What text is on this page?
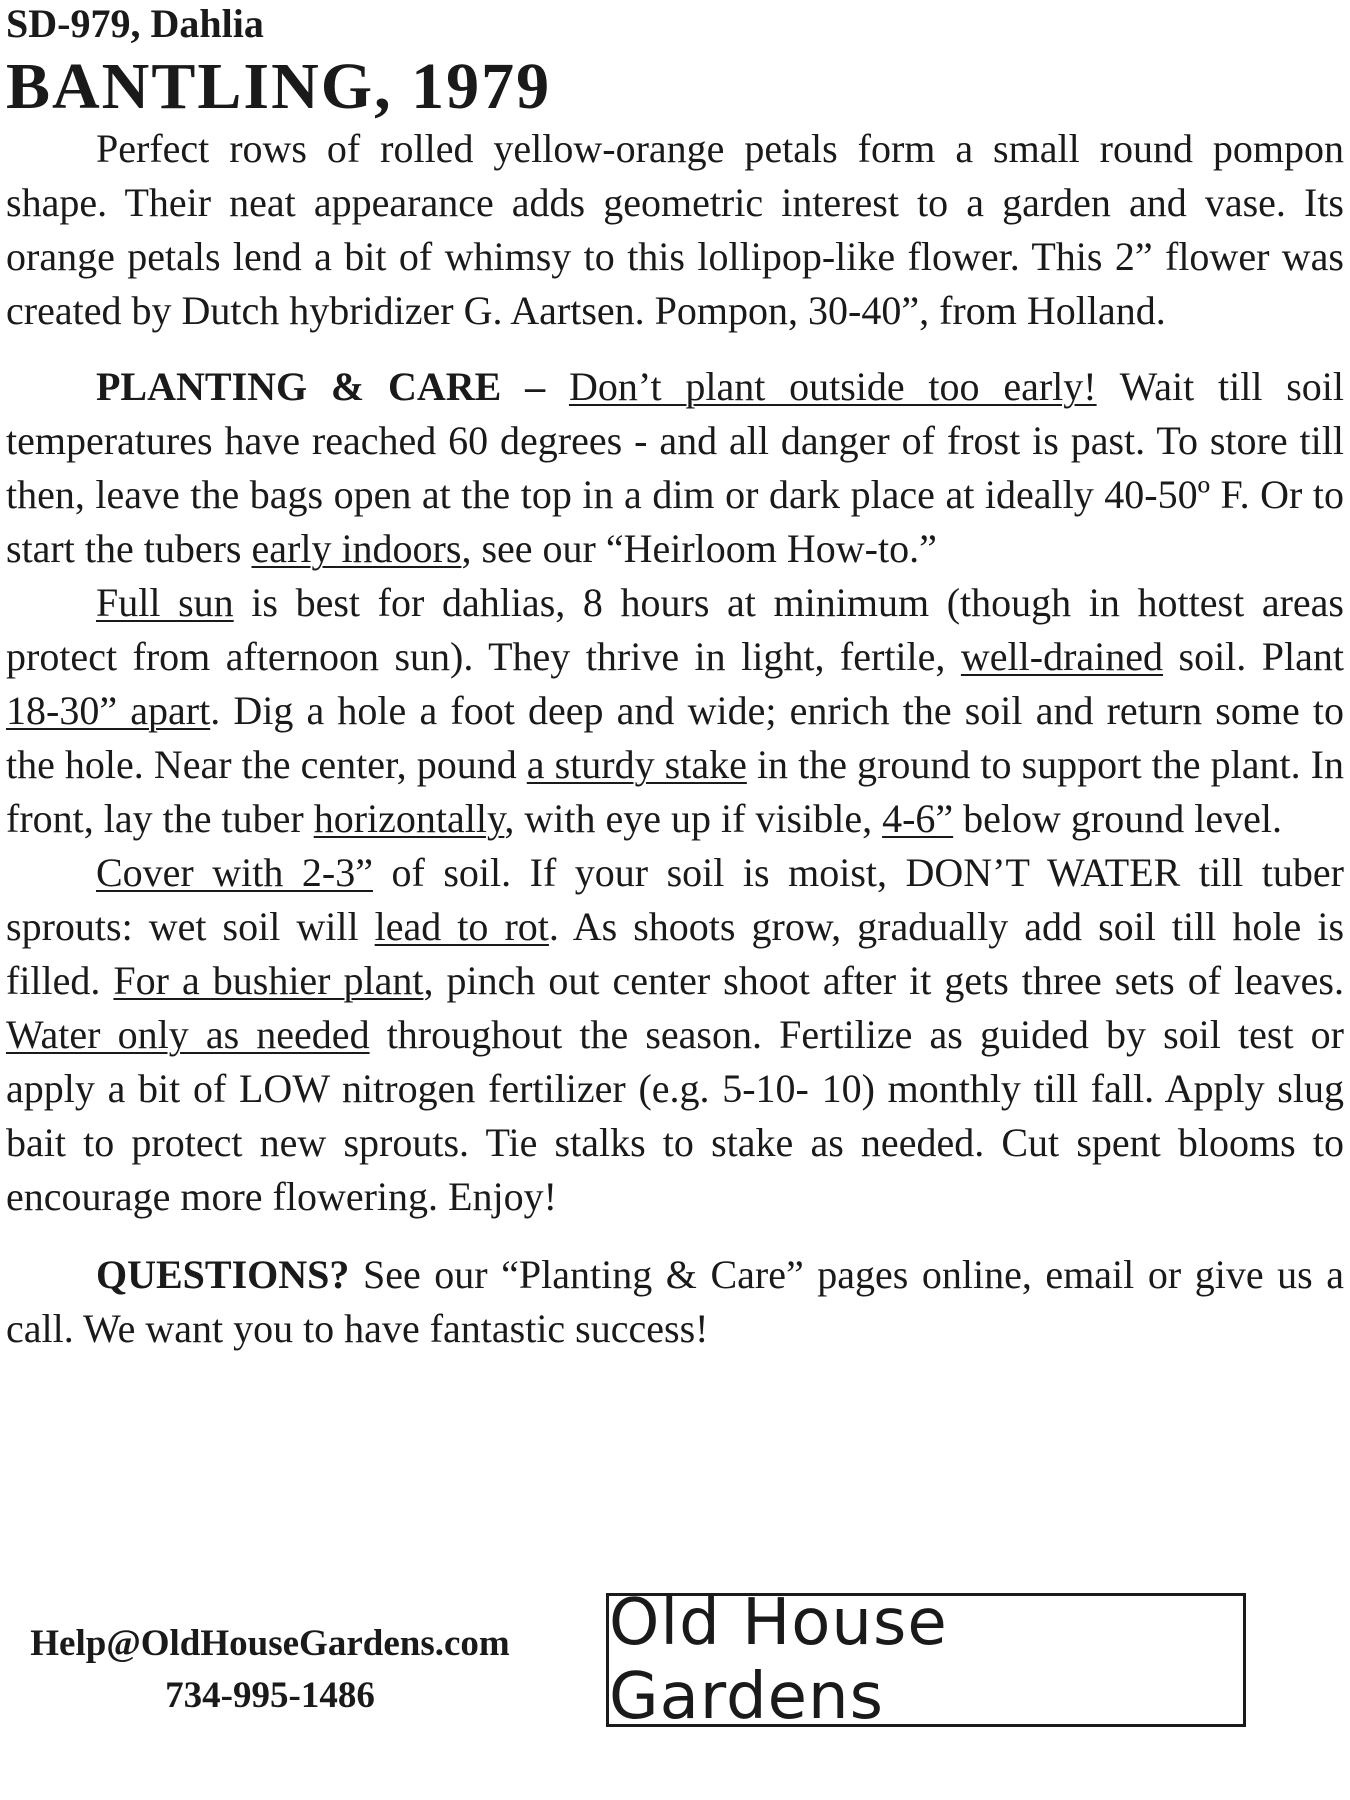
SD-979, Dahlia
BANTLING, 1979

Perfect rows of rolled yellow-orange petals form a small round pompon shape. Their neat appearance adds geometric interest to a garden and vase. Its orange petals lend a bit of whimsy to this lollipop-like flower. This 2” flower was created by Dutch hybridizer G. Aartsen. Pompon, 30-40”, from Holland.

PLANTING & CARE – Don’t plant outside too early! Wait till soil temperatures have reached 60 degrees - and all danger of frost is past. To store till then, leave the bags open at the top in a dim or dark place at ideally 40-50º F. Or to start the tubers early indoors, see our “Heirloom How-to.”

Full sun is best for dahlias, 8 hours at minimum (though in hottest areas protect from afternoon sun). They thrive in light, fertile, well-drained soil. Plant 18-30” apart. Dig a hole a foot deep and wide; enrich the soil and return some to the hole. Near the center, pound a sturdy stake in the ground to support the plant. In front, lay the tuber horizontally, with eye up if visible, 4-6” below ground level.

Cover with 2-3” of soil. If your soil is moist, DON’T WATER till tuber sprouts: wet soil will lead to rot. As shoots grow, gradually add soil till hole is filled. For a bushier plant, pinch out center shoot after it gets three sets of leaves. Water only as needed throughout the season. Fertilize as guided by soil test or apply a bit of LOW nitrogen fertilizer (e.g. 5-10- 10) monthly till fall. Apply slug bait to protect new sprouts. Tie stalks to stake as needed. Cut spent blooms to encourage more flowering. Enjoy!

QUESTIONS? See our “Planting & Care” pages online, email or give us a call. We want you to have fantastic success!

Help@OldHouseGardens.com
734-995-1486
Old House Gardens
